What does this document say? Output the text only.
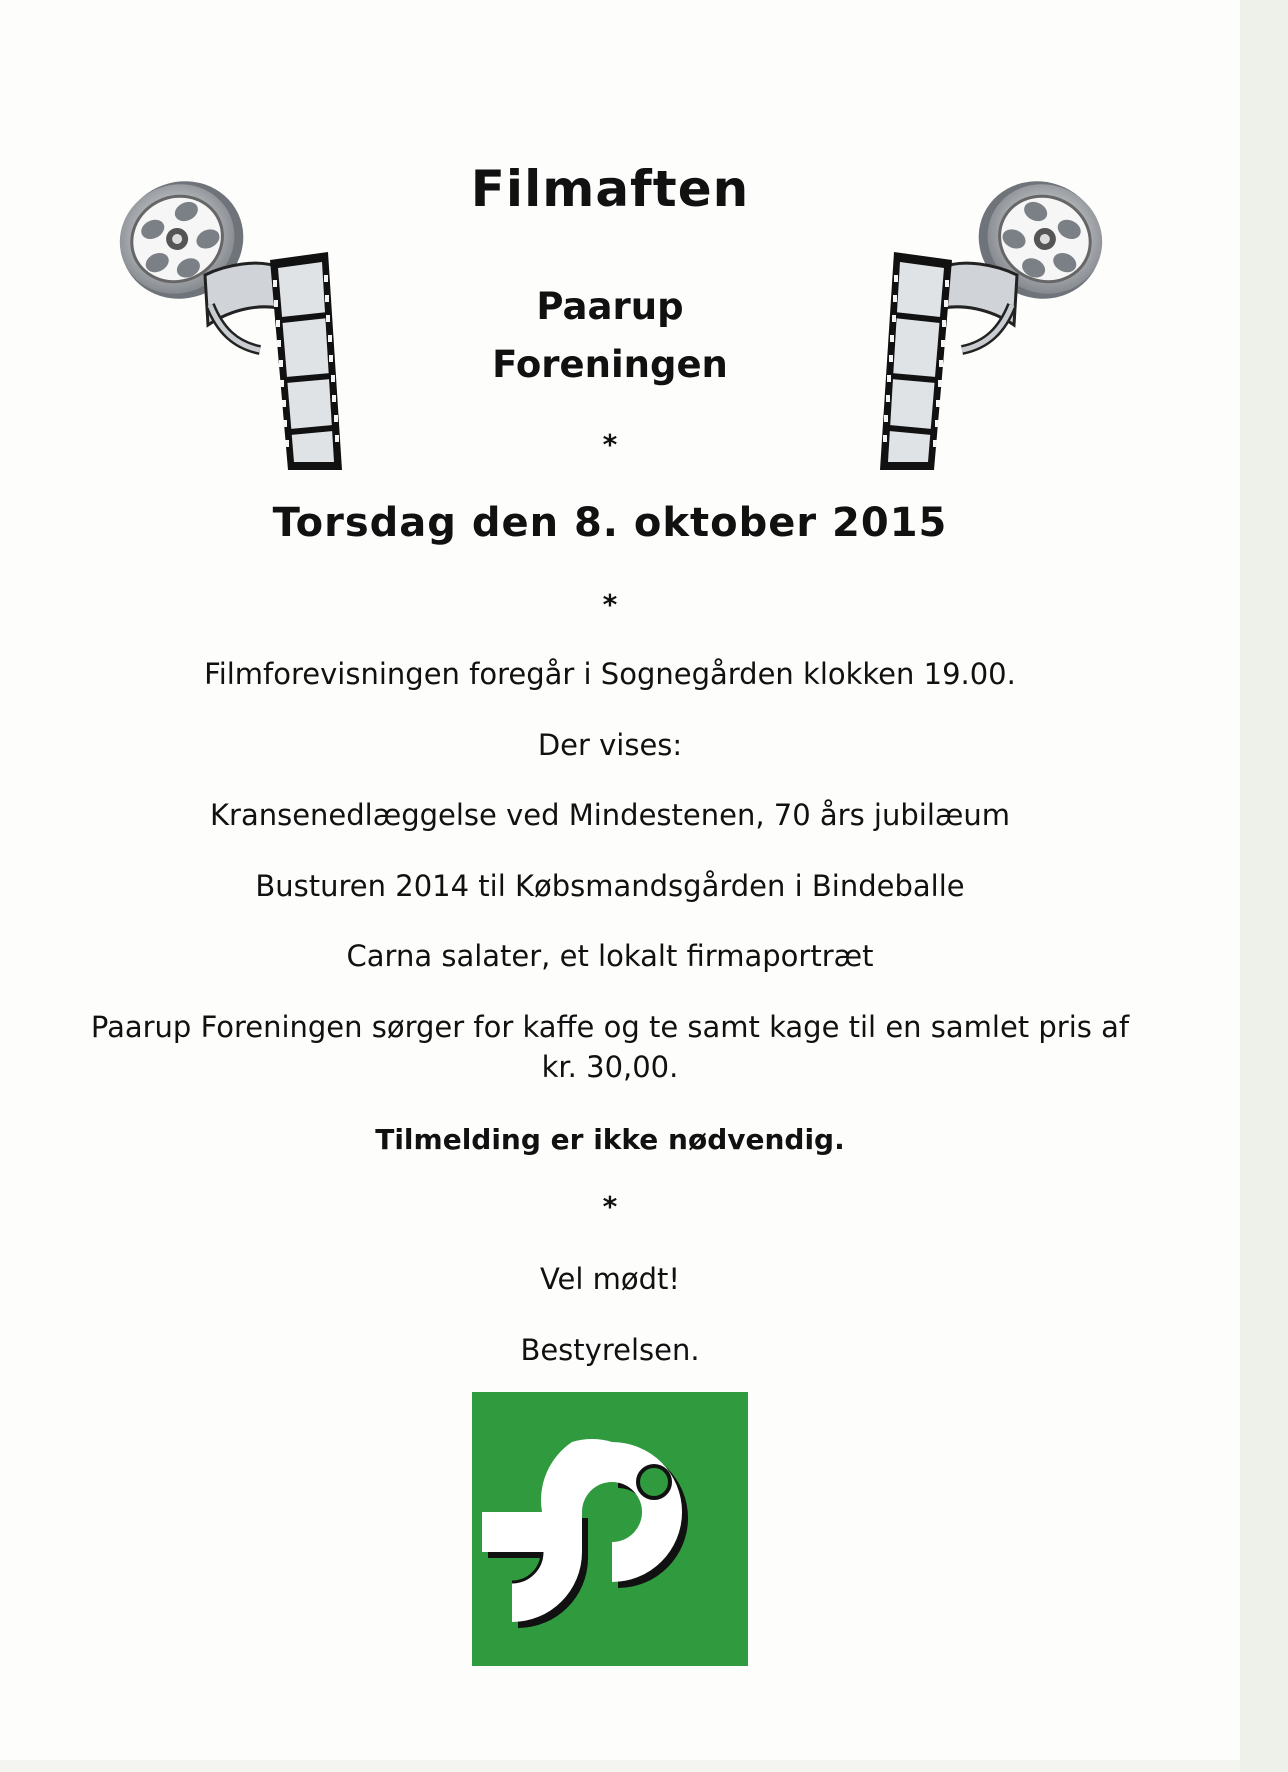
Filmaften
Paarup
Foreningen
*
Torsdag den 8. oktober 2015
*
Filmforevisningen foregår i Sognegården klokken 19.00.
Der vises:
Kransenedlæggelse ved Mindestenen, 70 års jubilæum
Busturen 2014 til Købsmandsgården i Bindeballe
Carna salater, et lokalt firmaportræt
Paarup Foreningen sørger for kaffe og te samt kage til en samlet pris af
kr. 30,00.
Tilmelding er ikke nødvendig.
*
Vel mødt!
Bestyrelsen.
